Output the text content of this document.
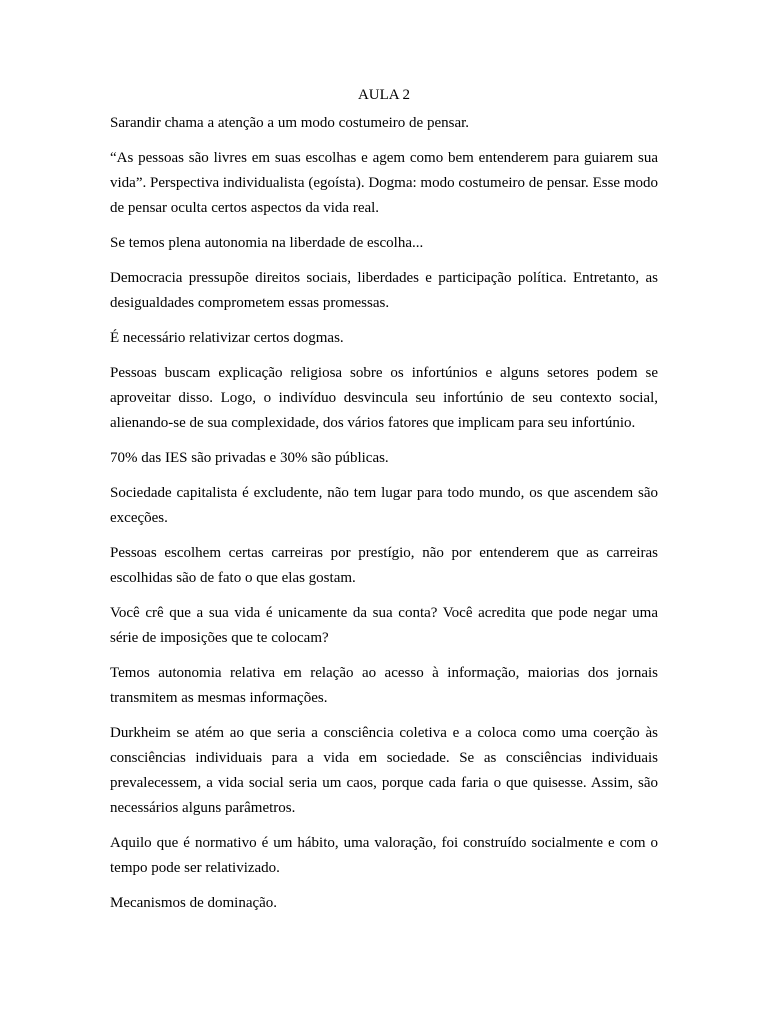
AULA 2

Sarandir chama a atenção a um modo costumeiro de pensar.

“As pessoas são livres em suas escolhas e agem como bem entenderem para guiarem sua vida”. Perspectiva individualista (egoísta). Dogma: modo costumeiro de pensar. Esse modo de pensar oculta certos aspectos da vida real.

Se temos plena autonomia na liberdade de escolha...

Democracia pressupõe direitos sociais, liberdades e participação política. Entretanto, as desigualdades comprometem essas promessas.

É necessário relativizar certos dogmas.

Pessoas buscam explicação religiosa sobre os infortúnios e alguns setores podem se aproveitar disso. Logo, o indivíduo desvincula seu infortúnio de seu contexto social, alienando-se de sua complexidade, dos vários fatores que implicam para seu infortúnio.

70% das IES são privadas e 30% são públicas.

Sociedade capitalista é excludente, não tem lugar para todo mundo, os que ascendem são exceções.

Pessoas escolhem certas carreiras por prestígio, não por entenderem que as carreiras escolhidas são de fato o que elas gostam.

Você crê que a sua vida é unicamente da sua conta? Você acredita que pode negar uma série de imposições que te colocam?

Temos autonomia relativa em relação ao acesso à informação, maiorias dos jornais transmitem as mesmas informações.

Durkheim se atém ao que seria a consciência coletiva e a coloca como uma coerção às consciências individuais para a vida em sociedade. Se as consciências individuais prevalecessem, a vida social seria um caos, porque cada faria o que quisesse. Assim, são necessários alguns parâmetros.

Aquilo que é normativo é um hábito, uma valoração, foi construído socialmente e com o tempo pode ser relativizado.

Mecanismos de dominação.
